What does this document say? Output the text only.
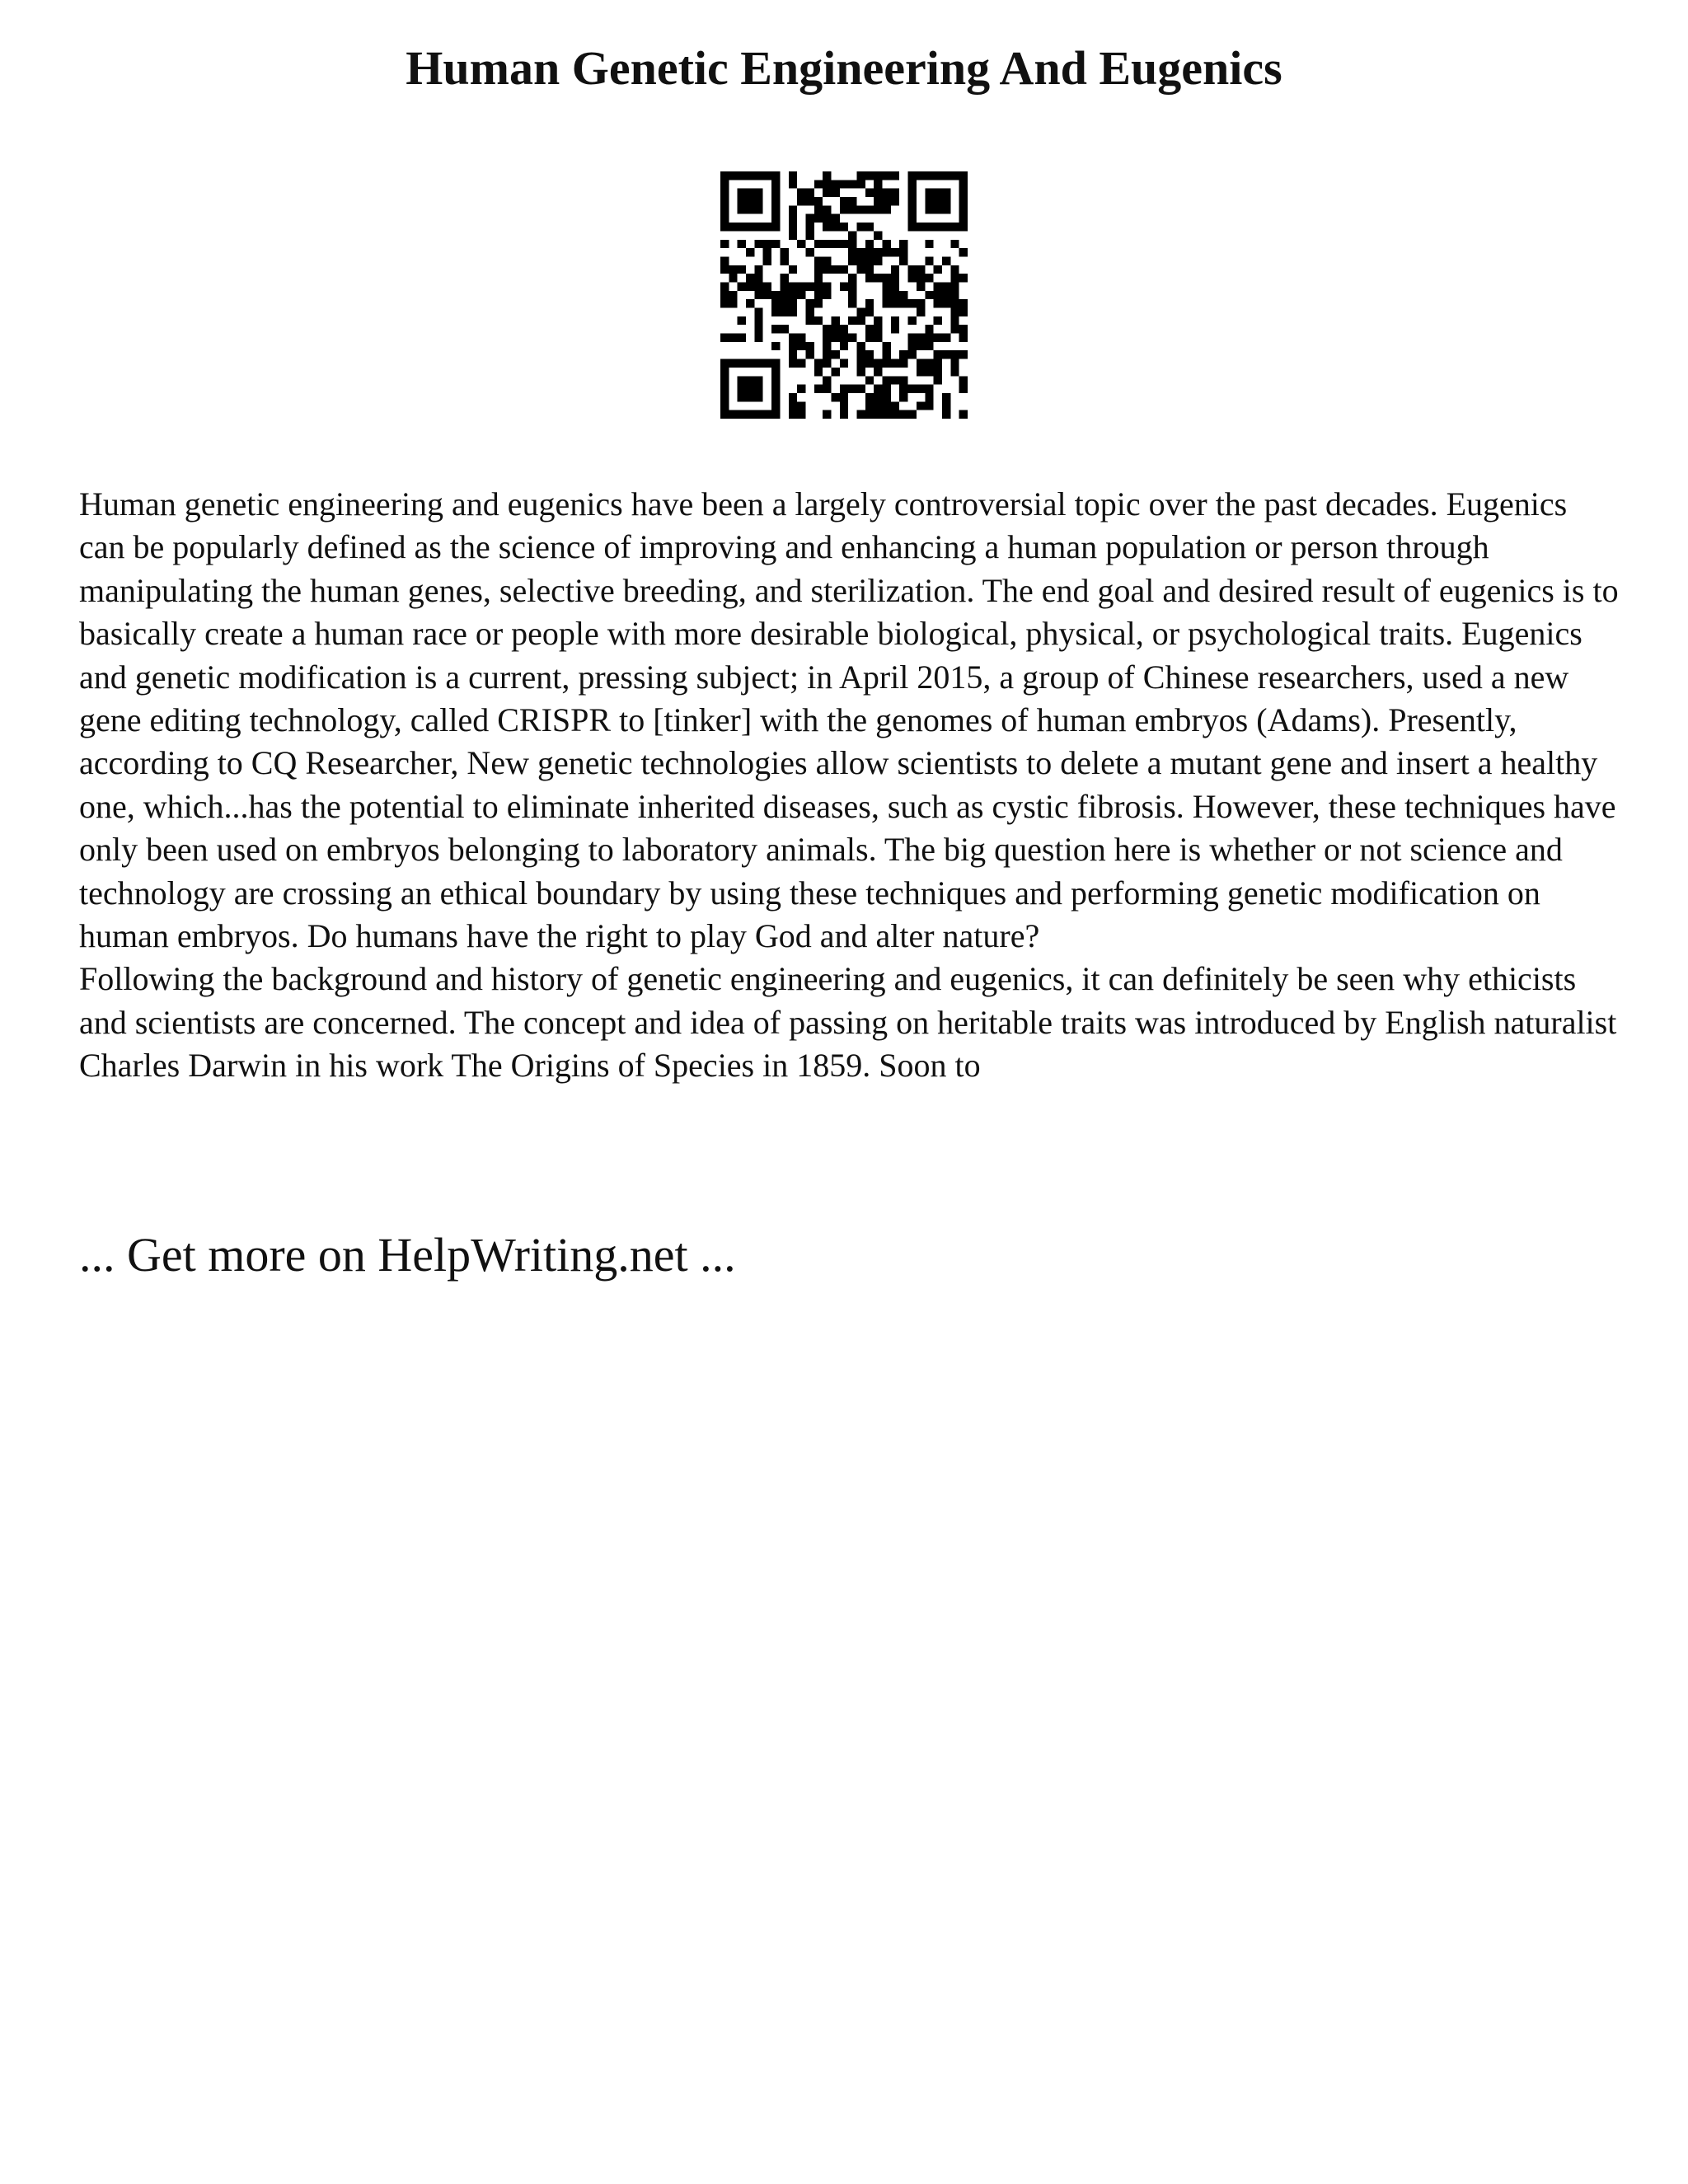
Human Genetic Engineering And Eugenics

Human genetic engineering and eugenics have been a largely controversial topic over the past decades. Eugenics can be popularly defined as the science of improving and enhancing a human population or person through manipulating the human genes, selective breeding, and sterilization. The end goal and desired result of eugenics is to basically create a human race or people with more desirable biological, physical, or psychological traits. Eugenics and genetic modification is a current, pressing subject; in April 2015, a group of Chinese researchers, used a new gene editing technology, called CRISPR to [tinker] with the genomes of human embryos (Adams). Presently, according to CQ Researcher, New genetic technologies allow scientists to delete a mutant gene and insert a healthy one, which...has the potential to eliminate inherited diseases, such as cystic fibrosis. However, these techniques have only been used on embryos belonging to laboratory animals. The big question here is whether or not science and technology are crossing an ethical boundary by using these techniques and performing genetic modification on human embryos. Do humans have the right to play God and alter nature?

Following the background and history of genetic engineering and eugenics, it can definitely be seen why ethicists and scientists are concerned. The concept and idea of passing on heritable traits was introduced by English naturalist Charles Darwin in his work The Origins of Species in 1859. Soon to

... Get more on HelpWriting.net ...
